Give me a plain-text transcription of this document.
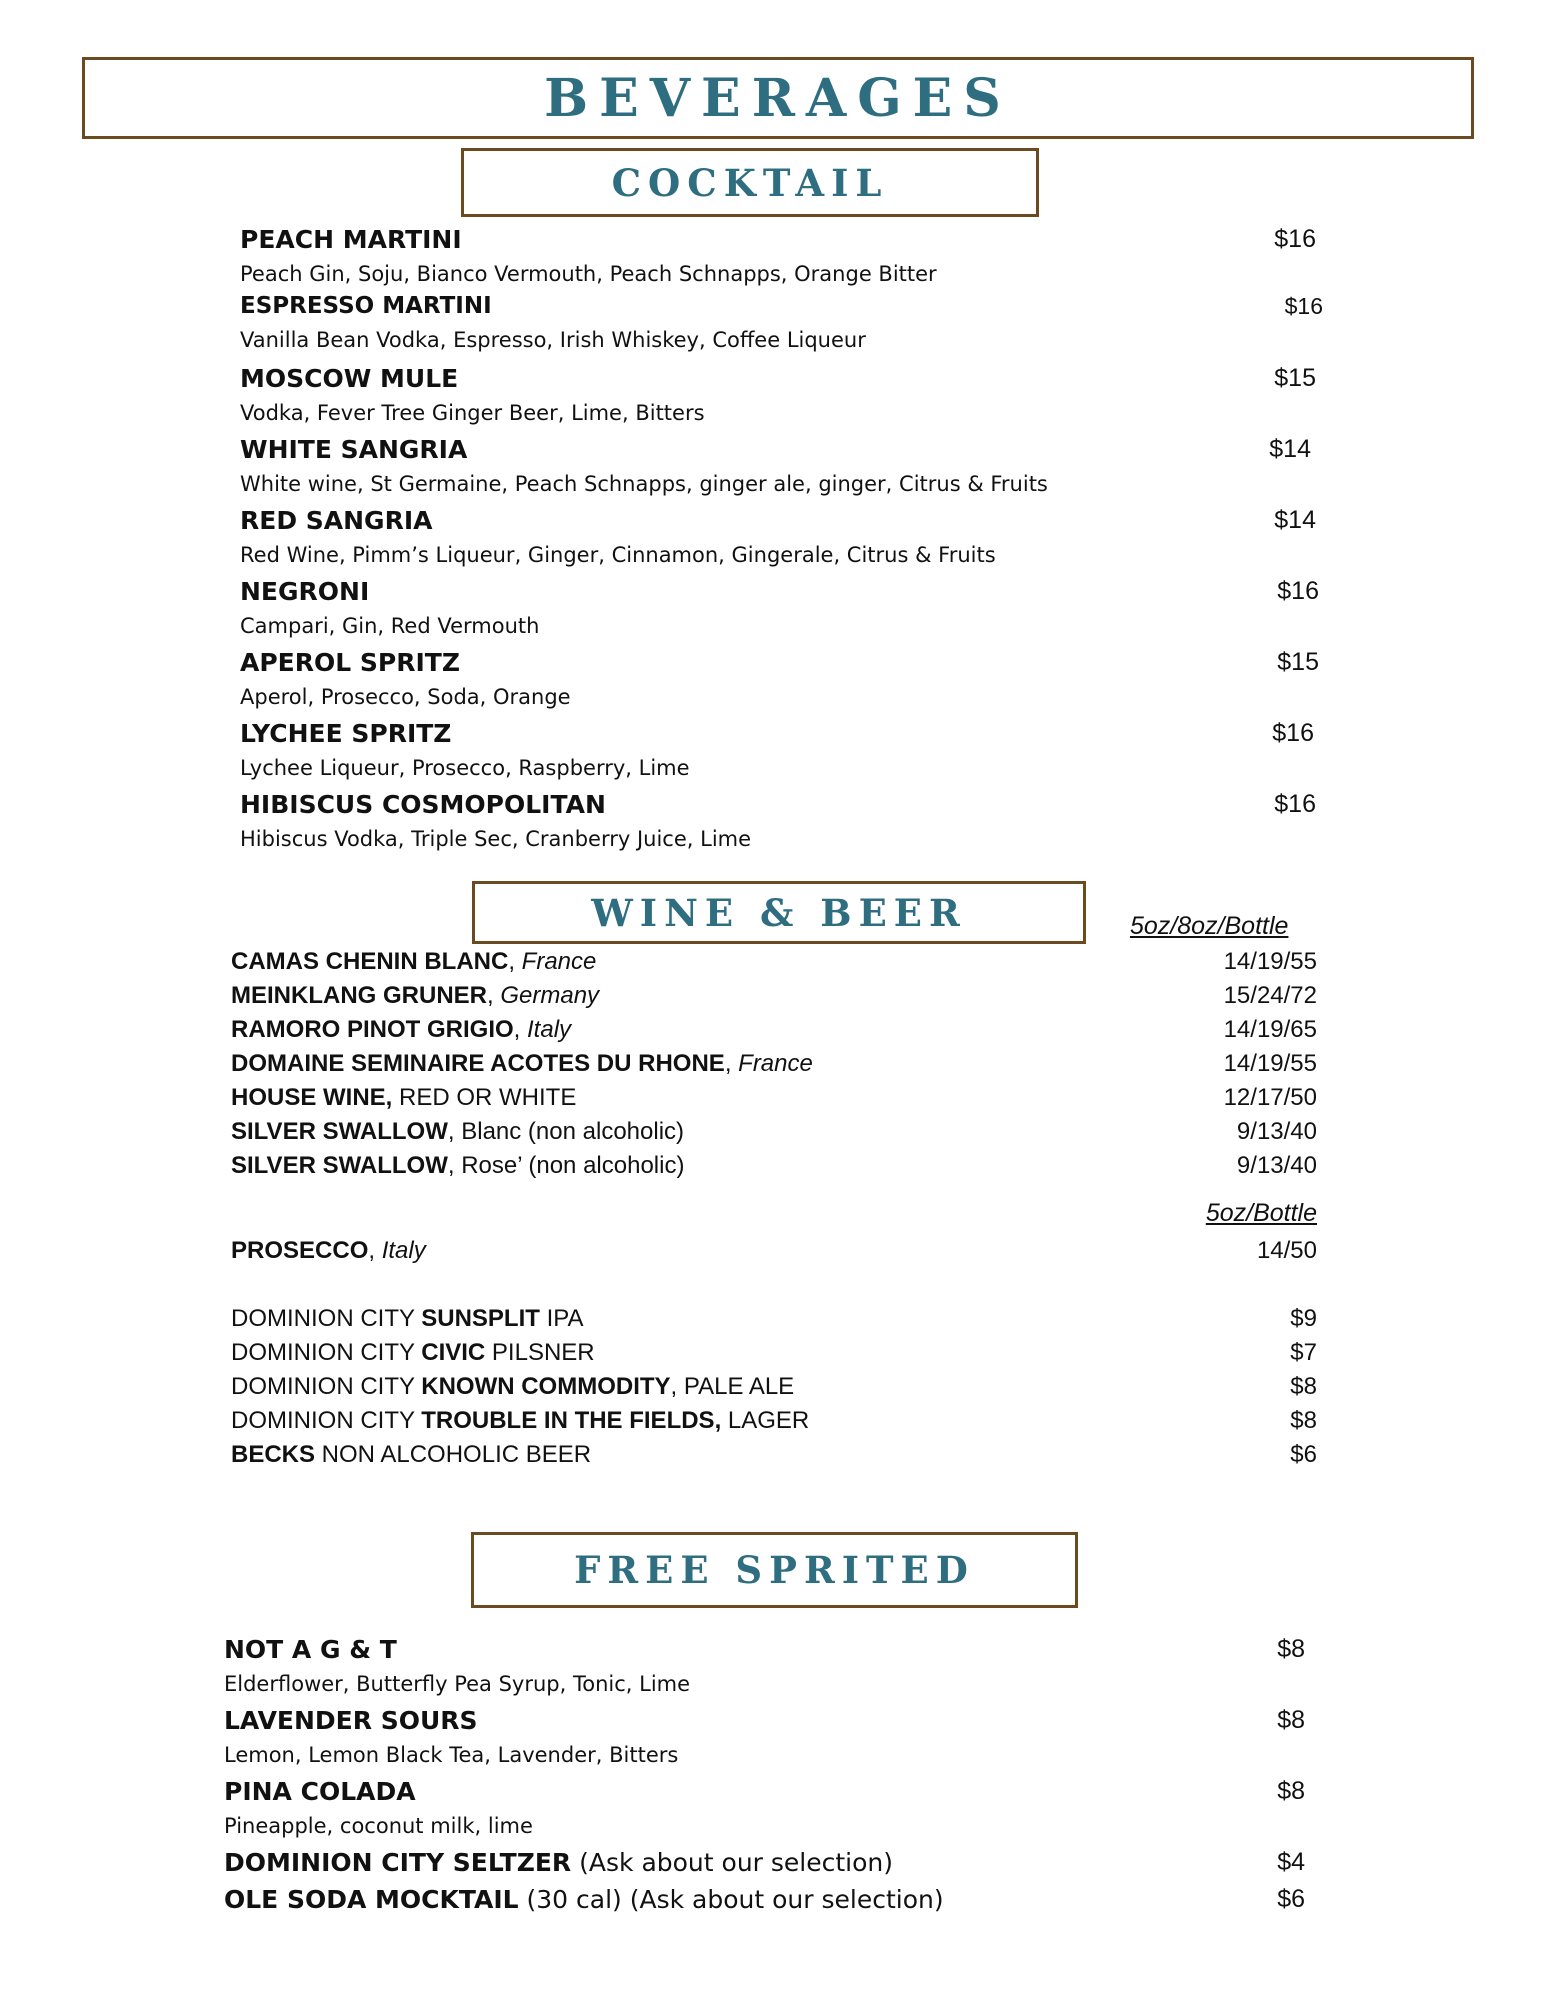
BEVERAGES
COCKTAIL
PEACH MARTINI	$16
Peach Gin, Soju, Bianco Vermouth, Peach Schnapps, Orange Bitter
ESPRESSO MARTINI	$16
Vanilla Bean Vodka, Espresso, Irish Whiskey, Coffee Liqueur
MOSCOW MULE	$15
Vodka, Fever Tree Ginger Beer, Lime, Bitters
WHITE SANGRIA	$14
White wine, St Germaine, Peach Schnapps, ginger ale, ginger, Citrus & Fruits
RED SANGRIA	$14
Red Wine, Pimm’s Liqueur, Ginger, Cinnamon, Gingerale, Citrus & Fruits
NEGRONI	$16
Campari, Gin, Red Vermouth
APEROL SPRITZ	$15
Aperol, Prosecco, Soda, Orange
LYCHEE SPRITZ	$16
Lychee Liqueur, Prosecco, Raspberry, Lime
HIBISCUS COSMOPOLITAN	$16
Hibiscus Vodka, Triple Sec, Cranberry Juice, Lime
WINE & BEER	5oz/8oz/Bottle
CAMAS CHENIN BLANC, France	14/19/55
MEINKLANG GRUNER, Germany	15/24/72
RAMORO PINOT GRIGIO, Italy	14/19/65
DOMAINE SEMINAIRE ACOTES DU RHONE, France	14/19/55
HOUSE WINE, RED OR WHITE	12/17/50
SILVER SWALLOW, Blanc (non alcoholic)	9/13/40
SILVER SWALLOW, Rose’ (non alcoholic)	9/13/40
5oz/Bottle
PROSECCO, Italy	14/50
DOMINION CITY SUNSPLIT IPA	$9
DOMINION CITY CIVIC PILSNER	$7
DOMINION CITY KNOWN COMMODITY, PALE ALE	$8
DOMINION CITY TROUBLE IN THE FIELDS, LAGER	$8
BECKS NON ALCOHOLIC BEER	$6
FREE SPRITED
NOT A G & T	$8
Elderflower, Butterfly Pea Syrup, Tonic, Lime
LAVENDER SOURS	$8
Lemon, Lemon Black Tea, Lavender, Bitters
PINA COLADA	$8
Pineapple, coconut milk, lime
DOMINION CITY SELTZER (Ask about our selection)	$4
OLE SODA MOCKTAIL (30 cal) (Ask about our selection)	$6
